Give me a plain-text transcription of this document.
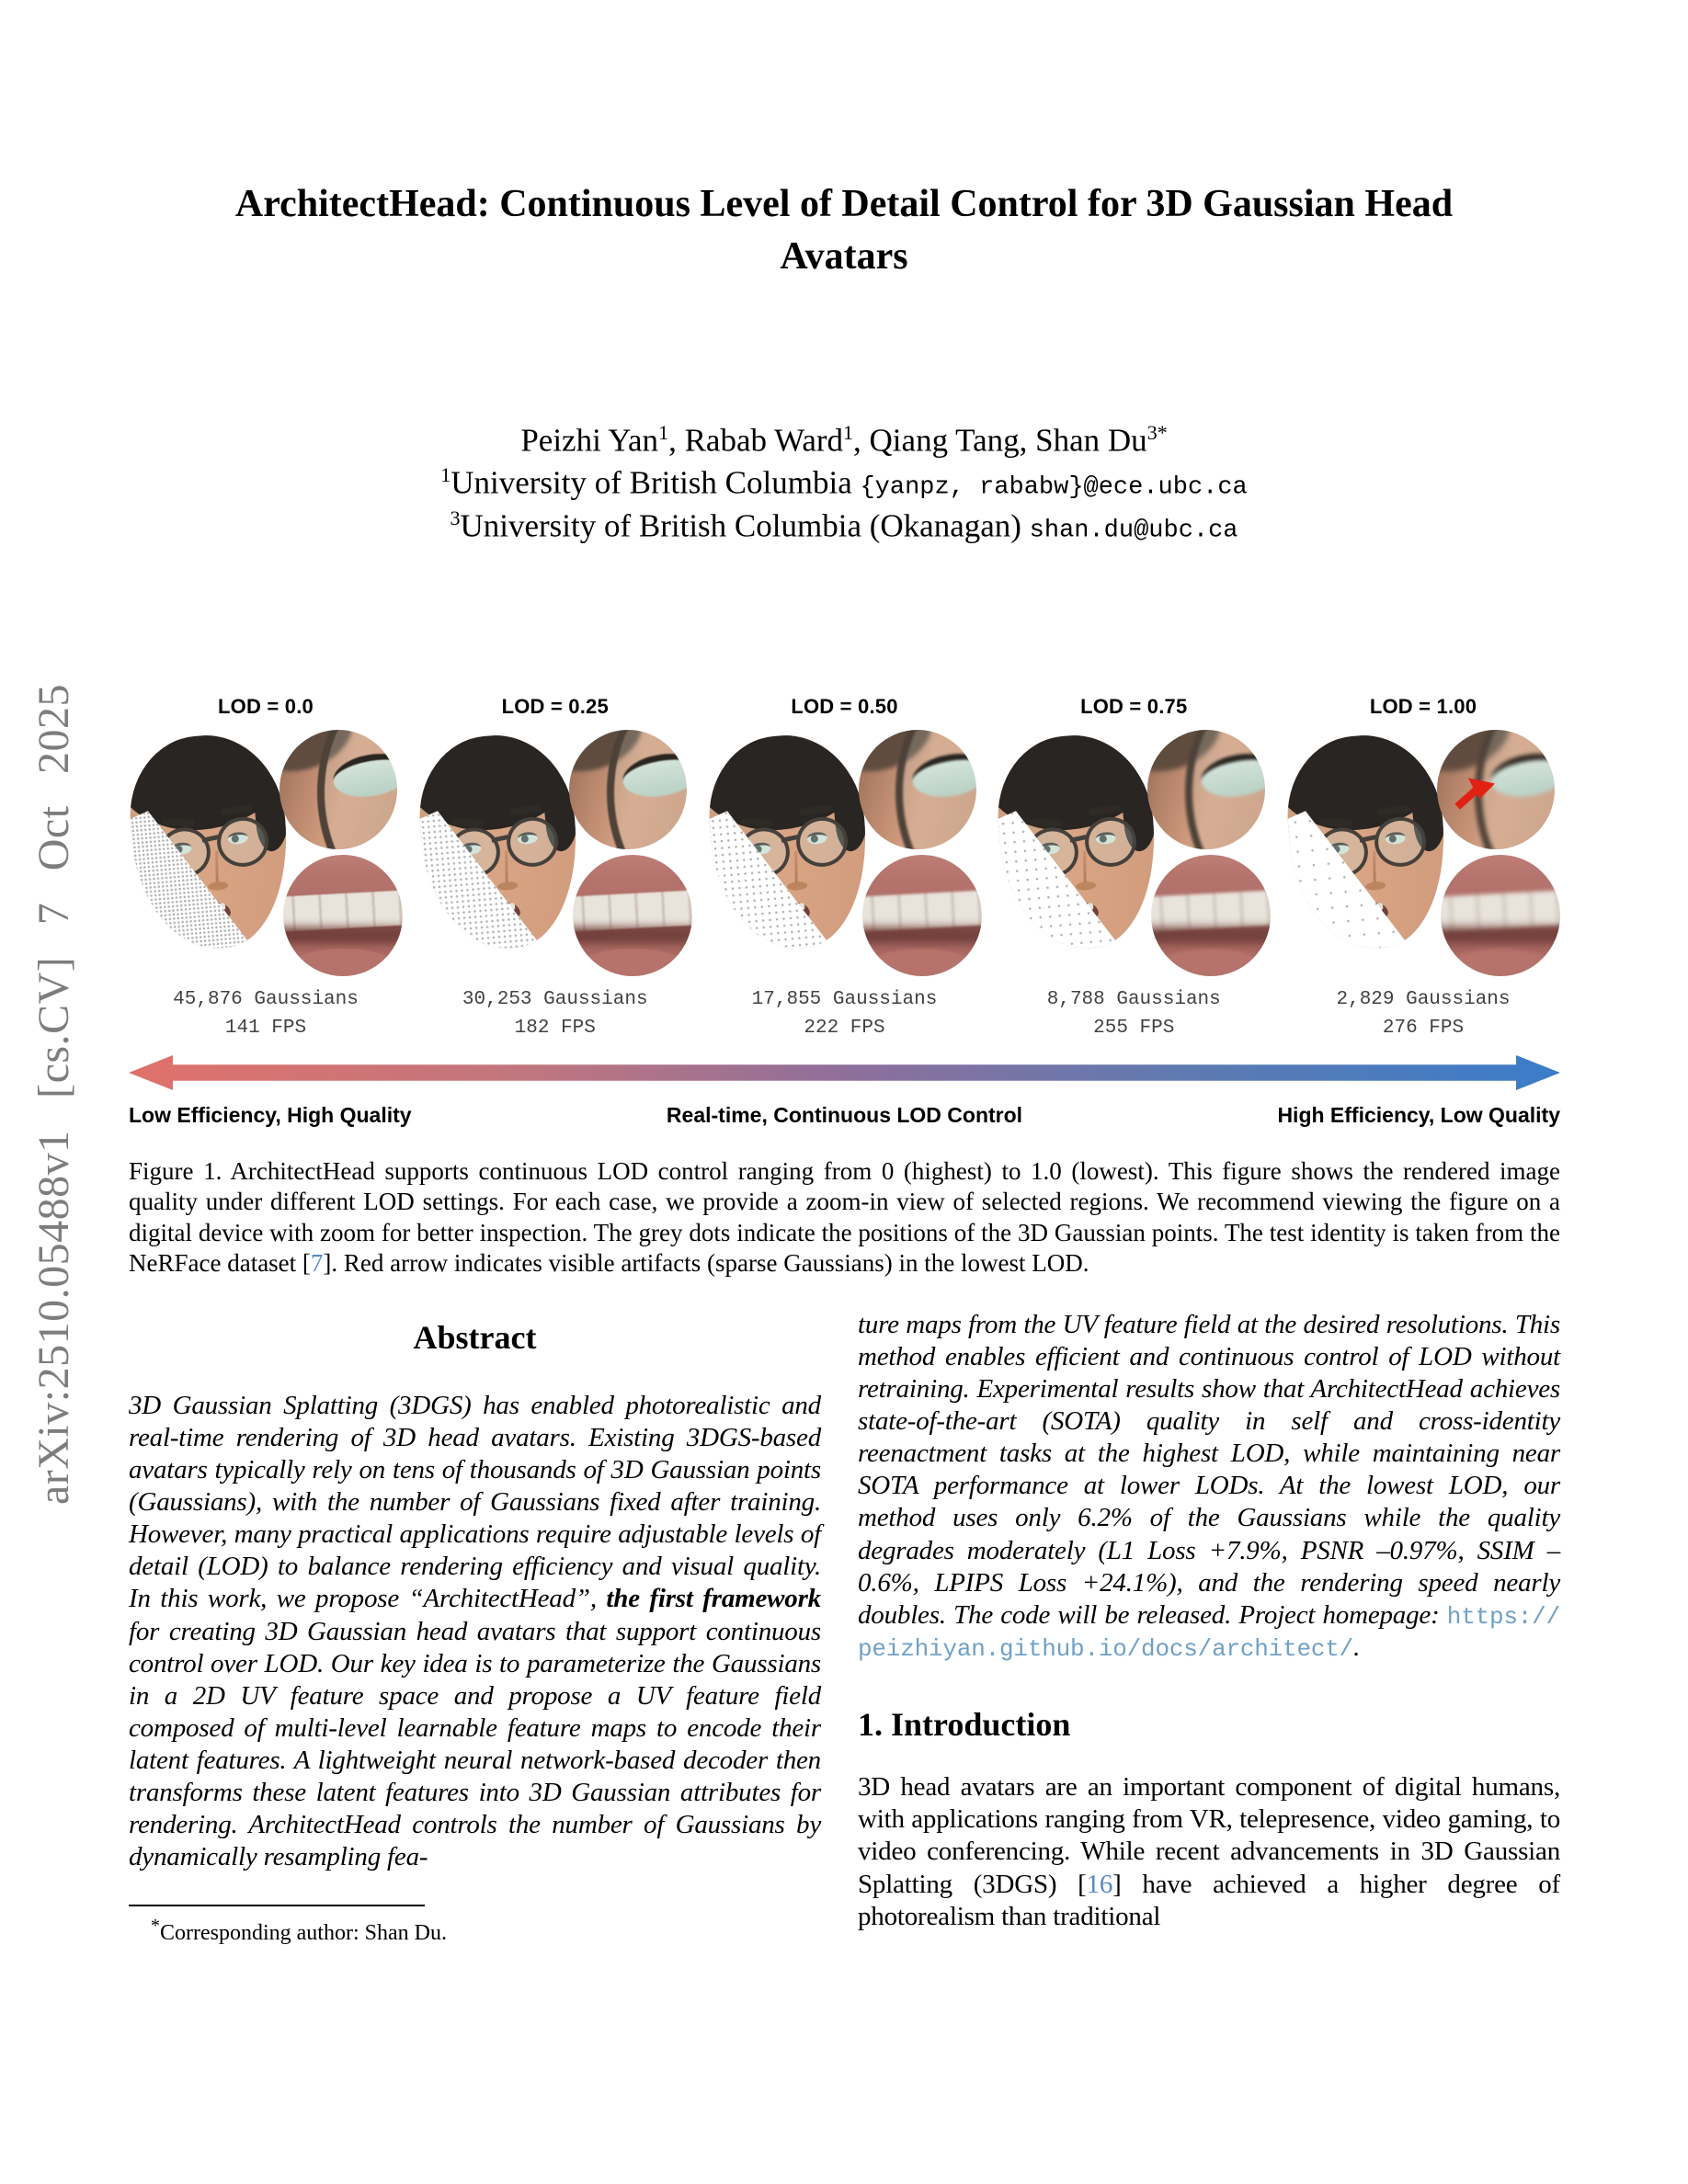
arXiv:2510.05488v1 [cs.CV] 7 Oct 2025
ArchitectHead: Continuous Level of Detail Control for 3D Gaussian Head
Avatars
Peizhi Yan$^1$, Rabab Ward$^1$, Qiang Tang, Shan $Du^{3*}$
$^1$University of British Columbia {yanpz, rababw}@ece.ubc.ca
$^3$University of British Columbia (Okanagan) shan.du@ubc.ca
LOD = 0.0
45,876 Gaussians
141 FPS
LOD = 0.25
30,253 Gaussians
182 FPS
LOD = 0.50
17,855 Gaussians
222 FPS
LOD = 0.75
8,788 Gaussians
255 FPS
LOD = 1.00
2,829 Gaussians
276 FPS
Low Efficiency, High Quality	Real-time, Continuous LOD Control	High Efficiency, Low Quality
Figure 1. ArchitectHead supports continuous LOD control ranging from 0 (highest) to 1.0 (lowest). This figure shows the rendered image quality under different LOD settings. For each case, we provide a zoom-in view of selected regions. We recommend viewing the figure on a digital device with zoom for better inspection. The grey dots indicate the positions of the 3D Gaussian points. The test identity is taken from the NeRFace dataset [7]. Red arrow indicates visible artifacts (sparse Gaussians) in the lowest LOD.
Abstract
3D Gaussian Splatting (3DGS) has enabled photorealistic and real-time rendering of 3D head avatars. Existing 3DGS-based avatars typically rely on tens of thousands of 3D Gaussian points (Gaussians), with the number of Gaussians fixed after training. However, many practical applications require adjustable levels of detail (LOD) to balance rendering efficiency and visual quality. In this work, we propose “ArchitectHead”, the first framework for creating 3D Gaussian head avatars that support continuous control over LOD. Our key idea is to parameterize the Gaussians in a 2D UV feature space and propose a UV feature field composed of multi-level learnable feature maps to encode their latent features. A lightweight neural network-based decoder then transforms these latent features into 3D Gaussian attributes for rendering. ArchitectHead controls the number of Gaussians by dynamically resampling fea-
*Corresponding author: Shan Du.
ture maps from the UV feature field at the desired resolutions. This method enables efficient and continuous control of LOD without retraining. Experimental results show that ArchitectHead achieves state-of-the-art (SOTA) quality in self and cross-identity reenactment tasks at the highest LOD, while maintaining near SOTA performance at lower LODs. At the lowest LOD, our method uses only 6.2% of the Gaussians while the quality degrades moderately (L1 Loss +7.9%, PSNR –0.97%, SSIM –0.6%, LPIPS Loss +24.1%), and the rendering speed nearly doubles. The code will be released. Project homepage: https://peizhiyan.github.io/docs/architect/.
1. Introduction
3D head avatars are an important component of digital humans, with applications ranging from VR, telepresence, video gaming, to video conferencing. While recent advancements in 3D Gaussian Splatting (3DGS) [16] have achieved a higher degree of photorealism than traditional
